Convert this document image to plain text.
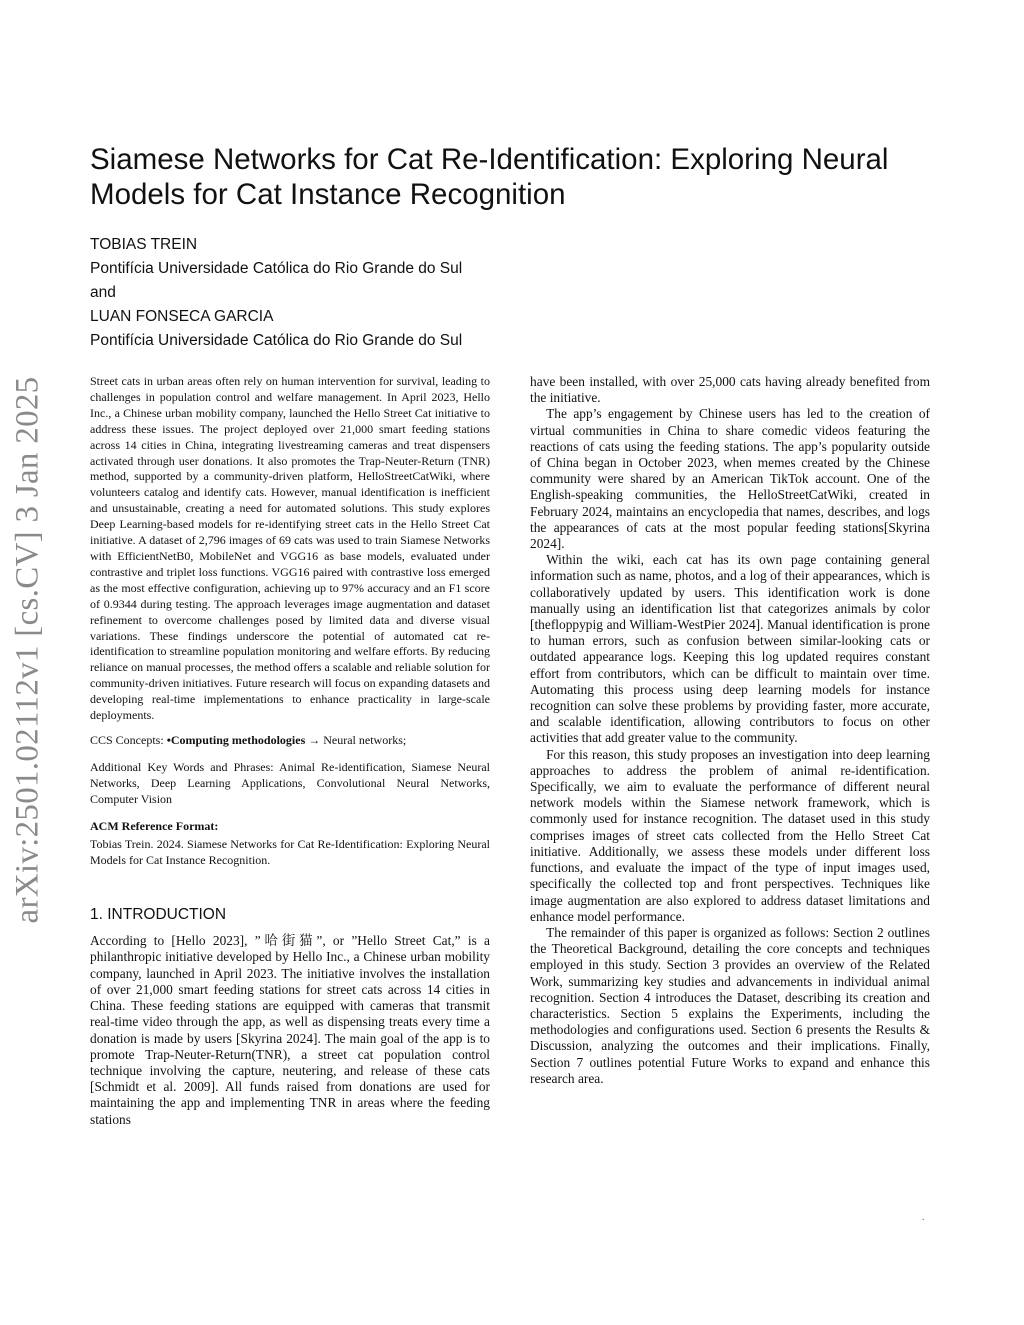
arXiv:2501.02112v1 [cs.CV] 3 Jan 2025
Siamese Networks for Cat Re-Identification: Exploring Neural Models for Cat Instance Recognition
TOBIAS TREIN
Pontifícia Universidade Católica do Rio Grande do Sul
and
LUAN FONSECA GARCIA
Pontifícia Universidade Católica do Rio Grande do Sul

Street cats in urban areas often rely on human intervention for survival, leading to challenges in population control and welfare management. In April 2023, Hello Inc., a Chinese urban mobility company, launched the Hello Street Cat initiative to address these issues. The project deployed over 21,000 smart feeding stations across 14 cities in China, integrating livestreaming cameras and treat dispensers activated through user donations. It also promotes the Trap-Neuter-Return (TNR) method, supported by a community-driven platform, HelloStreetCatWiki, where volunteers catalog and identify cats. However, manual identification is inefficient and unsustainable, creating a need for automated solutions. This study explores Deep Learning-based models for re-identifying street cats in the Hello Street Cat initiative. A dataset of 2,796 images of 69 cats was used to train Siamese Networks with EfficientNetB0, MobileNet and VGG16 as base models, evaluated under contrastive and triplet loss functions. VGG16 paired with contrastive loss emerged as the most effective configuration, achieving up to 97% accuracy and an F1 score of 0.9344 during testing. The approach leverages image augmentation and dataset refinement to overcome challenges posed by limited data and diverse visual variations. These findings underscore the potential of automated cat re-identification to streamline population monitoring and welfare efforts. By reducing reliance on manual processes, the method offers a scalable and reliable solution for community-driven initiatives. Future research will focus on expanding datasets and developing real-time implementations to enhance practicality in large-scale deployments.

CCS Concepts: •Computing methodologies → Neural networks;

Additional Key Words and Phrases: Animal Re-identification, Siamese Neural Networks, Deep Learning Applications, Convolutional Neural Networks, Computer Vision

ACM Reference Format:

Tobias Trein. 2024. Siamese Networks for Cat Re-Identification: Exploring Neural Models for Cat Instance Recognition.

1. INTRODUCTION

According to [Hello 2023], ”哈街猫”, or ”Hello Street Cat,” is a philanthropic initiative developed by Hello Inc., a Chinese urban mobility company, launched in April 2023. The initiative involves the installation of over 21,000 smart feeding stations for street cats across 14 cities in China. These feeding stations are equipped with cameras that transmit real-time video through the app, as well as dispensing treats every time a donation is made by users [Skyrina 2024]. The main goal of the app is to promote Trap-Neuter-Return(TNR), a street cat population control technique involving the capture, neutering, and release of these cats [Schmidt et al. 2009]. All funds raised from donations are used for maintaining the app and implementing TNR in areas where the feeding stations

have been installed, with over 25,000 cats having already benefited from the initiative.

The app’s engagement by Chinese users has led to the creation of virtual communities in China to share comedic videos featuring the reactions of cats using the feeding stations. The app’s popularity outside of China began in October 2023, when memes created by the Chinese community were shared by an American TikTok account. One of the English-speaking communities, the HelloStreetCatWiki, created in February 2024, maintains an encyclopedia that names, describes, and logs the appearances of cats at the most popular feeding stations[Skyrina 2024].

Within the wiki, each cat has its own page containing general information such as name, photos, and a log of their appearances, which is collaboratively updated by users. This identification work is done manually using an identification list that categorizes animals by color [thefloppypig and William-WestPier 2024]. Manual identification is prone to human errors, such as confusion between similar-looking cats or outdated appearance logs. Keeping this log updated requires constant effort from contributors, which can be difficult to maintain over time. Automating this process using deep learning models for instance recognition can solve these problems by providing faster, more accurate, and scalable identification, allowing contributors to focus on other activities that add greater value to the community.

For this reason, this study proposes an investigation into deep learning approaches to address the problem of animal re-identification. Specifically, we aim to evaluate the performance of different neural network models within the Siamese network framework, which is commonly used for instance recognition. The dataset used in this study comprises images of street cats collected from the Hello Street Cat initiative. Additionally, we assess these models under different loss functions, and evaluate the impact of the type of input images used, specifically the collected top and front perspectives. Techniques like image augmentation are also explored to address dataset limitations and enhance model performance.

The remainder of this paper is organized as follows: Section 2 outlines the Theoretical Background, detailing the core concepts and techniques employed in this study. Section 3 provides an overview of the Related Work, summarizing key studies and advancements in individual animal recognition. Section 4 introduces the Dataset, describing its creation and characteristics. Section 5 explains the Experiments, including the methodologies and configurations used. Section 6 presents the Results & Discussion, analyzing the outcomes and their implications. Finally, Section 7 outlines potential Future Works to expand and enhance this research area.

.
